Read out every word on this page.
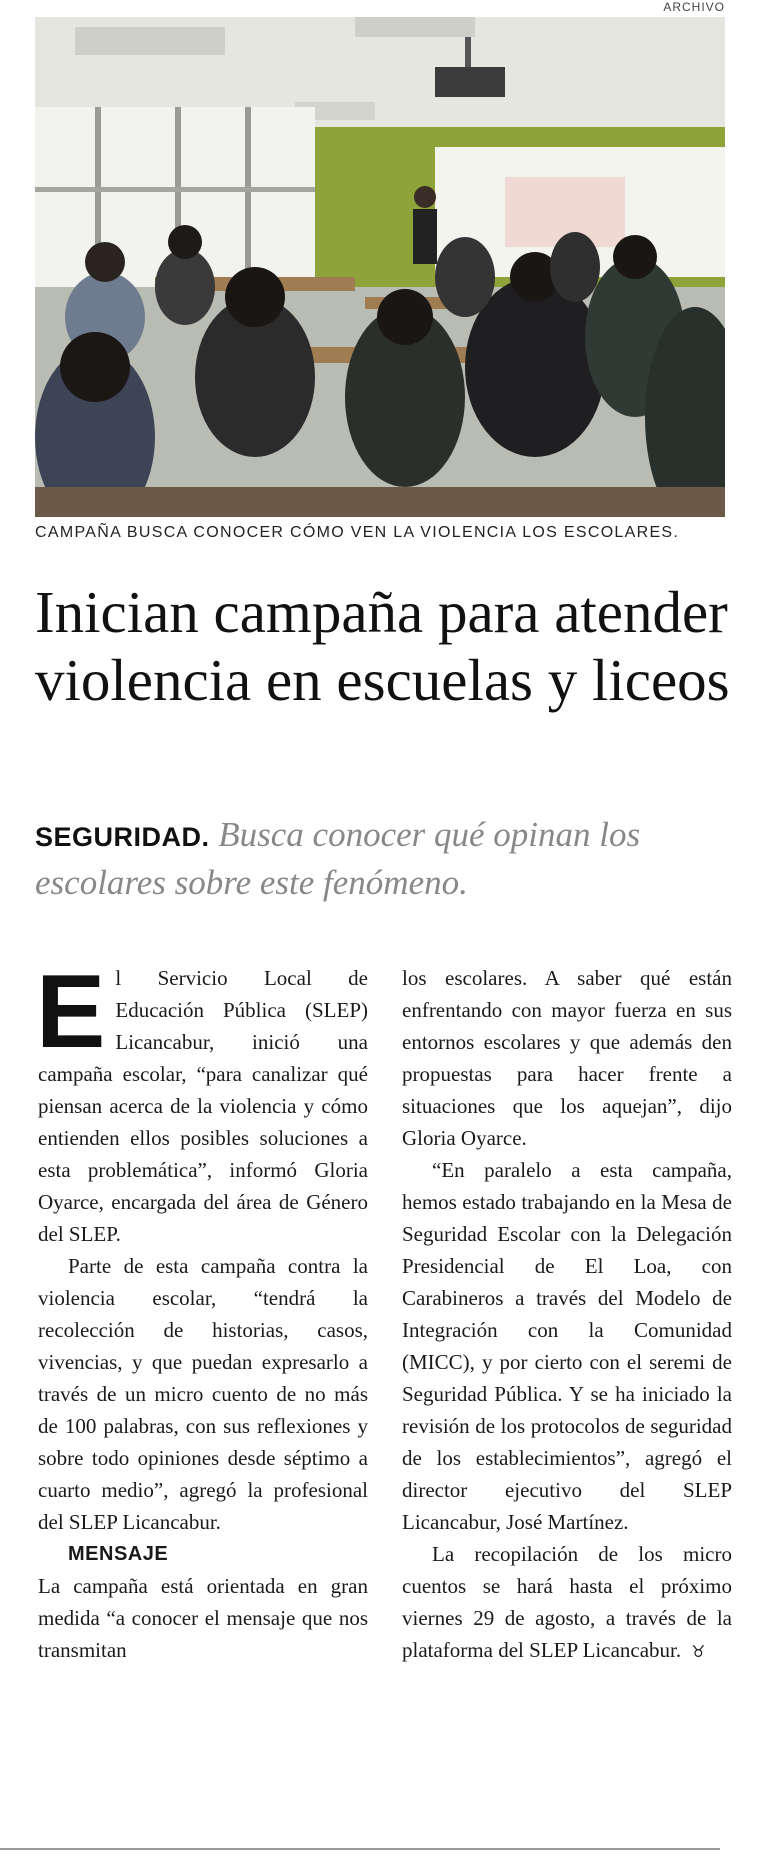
ARCHIVO
CAMPAÑA BUSCA CONOCER CÓMO VEN LA VIOLENCIA LOS ESCOLARES.
Inician campaña para atender violencia en escuelas y liceos
SEGURIDAD. Busca conocer qué opinan los escolares sobre este fenómeno.

El Servicio Local de Educación Pública (SLEP) Licancabur, inició una campaña escolar, “para canalizar qué piensan acerca de la violencia y cómo entienden ellos posibles soluciones a esta problemática”, informó Gloria Oyarce, encargada del área de Género del SLEP.

Parte de esta campaña contra la violencia escolar, “tendrá la recolección de historias, casos, vivencias, y que puedan expresarlo a través de un micro cuento de no más de 100 palabras, con sus reflexiones y sobre todo opiniones desde séptimo a cuarto medio”, agregó la profesional del SLEP Licancabur.

MENSAJE

La campaña está orientada en gran medida “a conocer el mensaje que nos transmitan

los escolares. A saber qué están enfrentando con mayor fuerza en sus entornos escolares y que además den propuestas para hacer frente a situaciones que los aquejan”, dijo Gloria Oyarce.

“En paralelo a esta campaña, hemos estado trabajando en la Mesa de Seguridad Escolar con la Delegación Presidencial de El Loa, con Carabineros a través del Modelo de Integración con la Comunidad (MICC), y por cierto con el seremi de Seguridad Pública. Y se ha iniciado la revisión de los protocolos de seguridad de los establecimientos”, agregó el director ejecutivo del SLEP Licancabur, José Martínez.

La recopilación de los micro cuentos se hará hasta el próximo viernes 29 de agosto, a través de la plataforma del SLEP Licancabur. ♉︎
